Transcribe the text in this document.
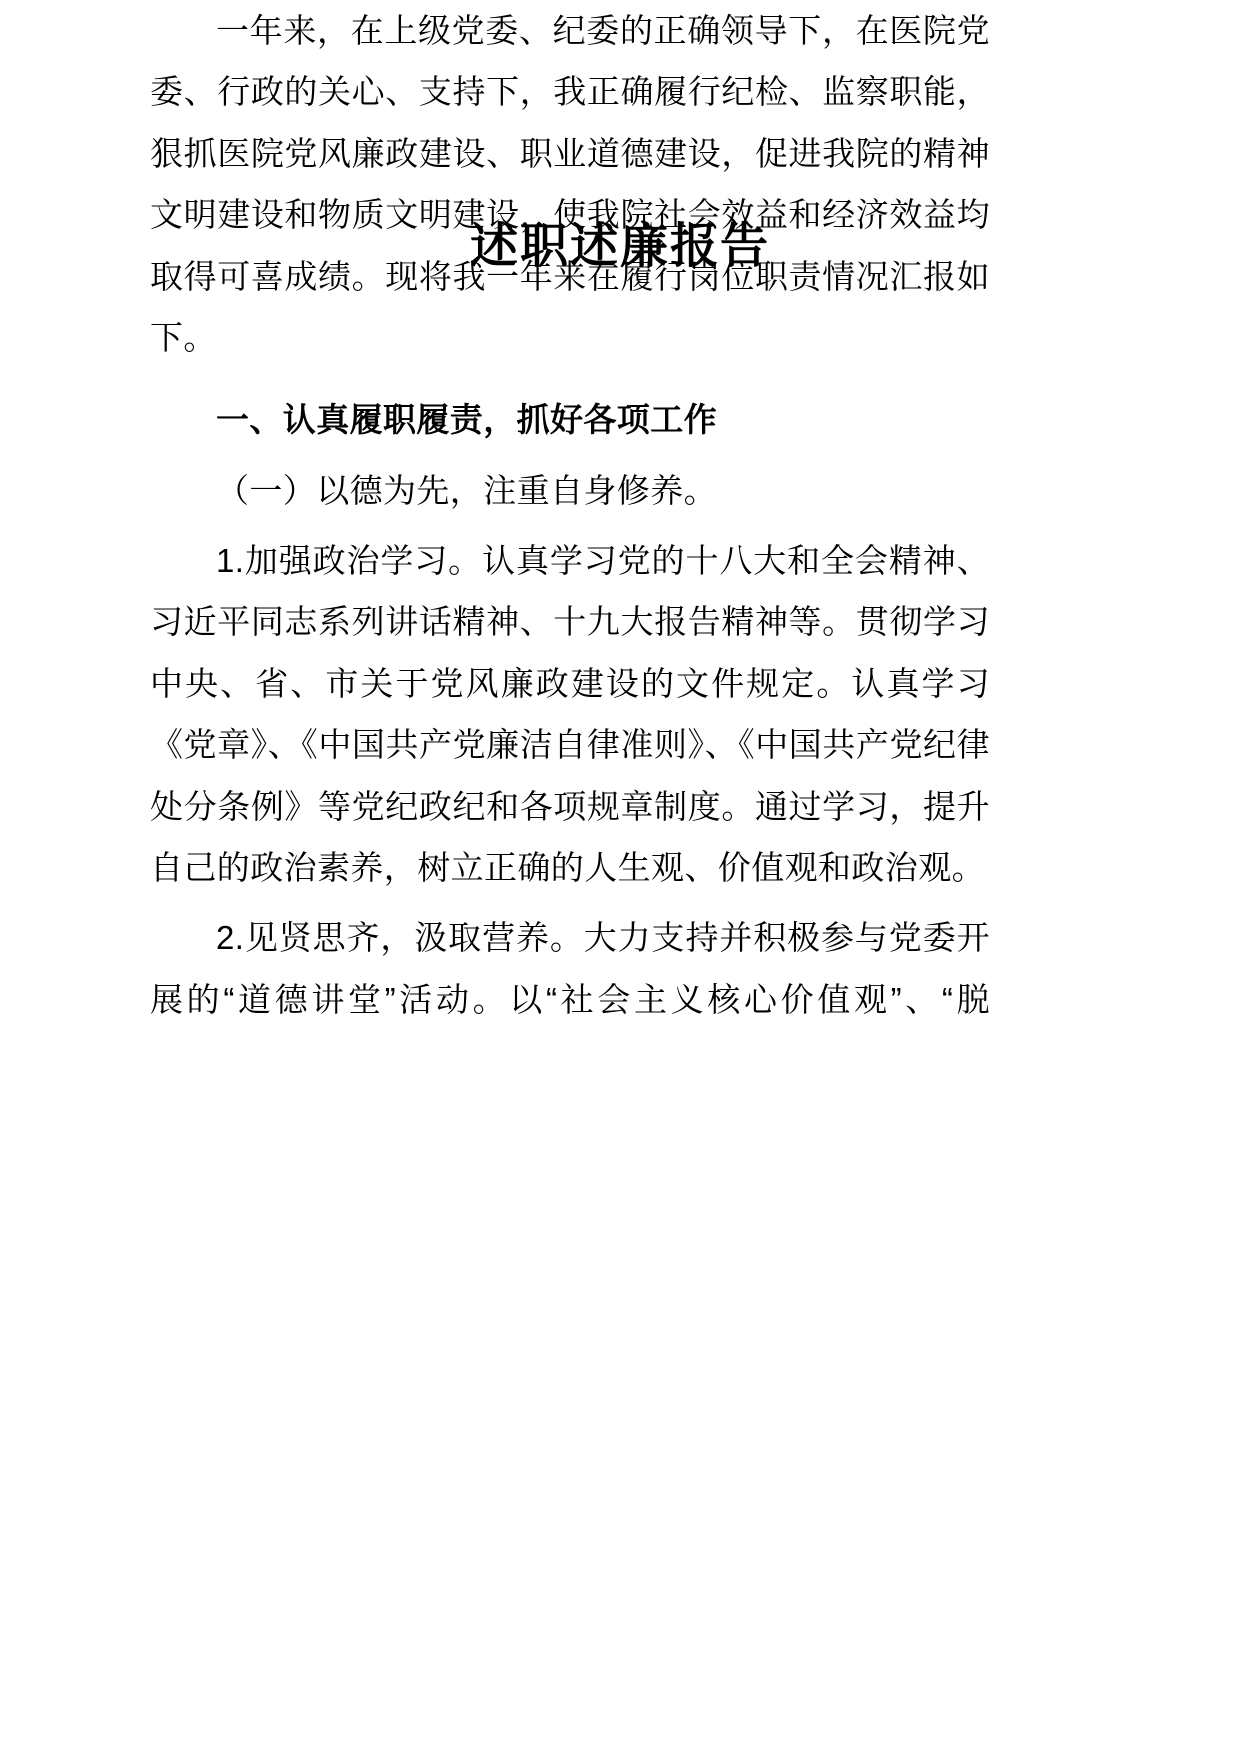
述职述廉报告

一年来，在上级党委、纪委的正确领导下，在医院党委、行政的关心、支持下，我正确履行纪检、监察职能，狠抓医院党风廉政建设、职业道德建设，促进我院的精神文明建设和物质文明建设，使我院社会效益和经济效益均取得可喜成绩。现将我一年来在履行岗位职责情况汇报如下。

一、认真履职履责，抓好各项工作

（一）以德为先，注重自身修养。

1.加强政治学习。认真学习党的十八大和全会精神、习近平同志系列讲话精神、十九大报告精神等。贯彻学习中央、省、市关于党风廉政建设的文件规定。认真学习《党章》、《中国共产党廉洁自律准则》、《中国共产党纪律处分条例》等党纪政纪和各项规章制度。通过学习，提升自己的政治素养，树立正确的人生观、价值观和政治观。

2.见贤思齐，汲取营养。大力支持并积极参与党委开展的“道德讲堂”活动。以“社会主义核心价值观”、“脱
